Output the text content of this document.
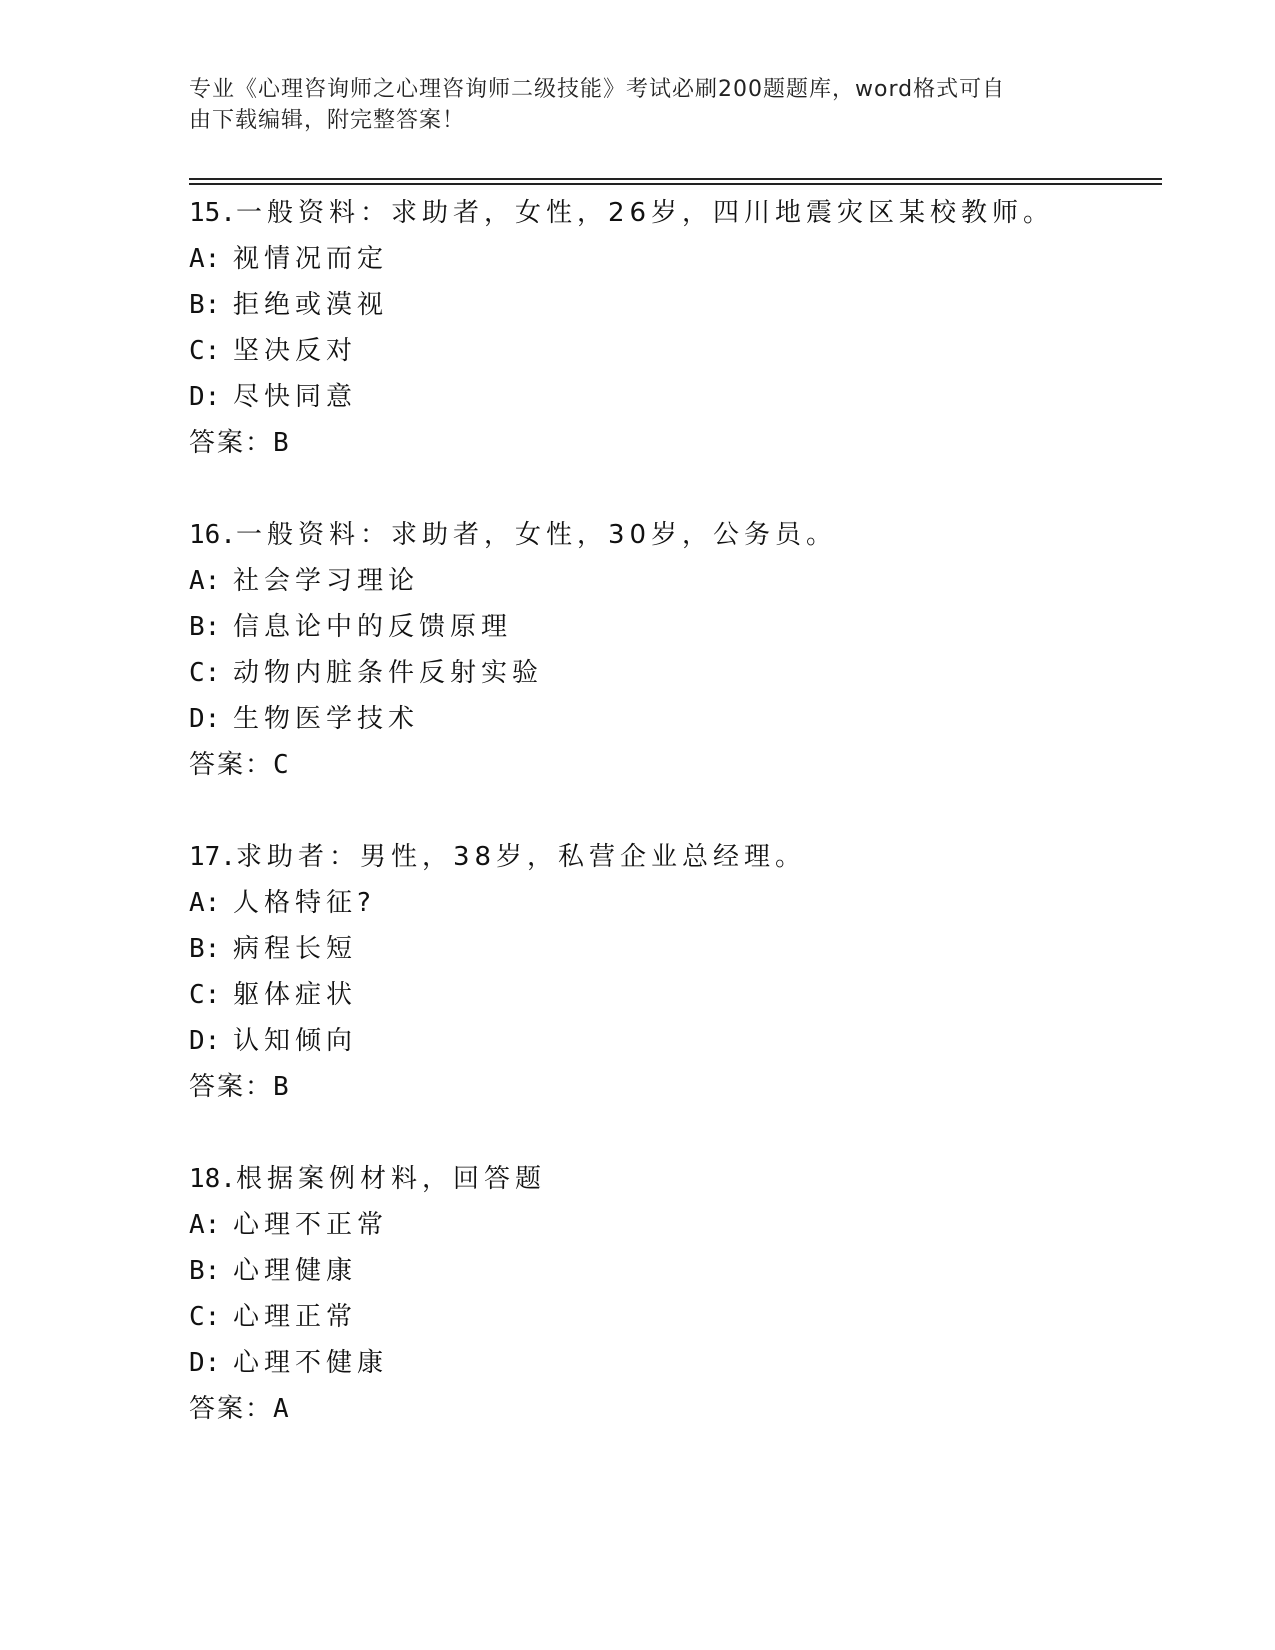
专业《心理咨询师之心理咨询师二级技能》考试必刷200题题库，word格式可自
由下载编辑，附完整答案！
15.一般资料：求助者，女性，26岁，四川地震灾区某校教师。
A: 视情况而定
B: 拒绝或漠视
C: 坚决反对
D: 尽快同意
答案：B
16.一般资料：求助者，女性，30岁，公务员。
A: 社会学习理论
B: 信息论中的反馈原理
C: 动物内脏条件反射实验
D: 生物医学技术
答案：C
17.求助者：男性，38岁，私营企业总经理。
A: 人格特征?
B: 病程长短
C: 躯体症状
D: 认知倾向
答案：B
18.根据案例材料，回答题
A: 心理不正常
B: 心理健康
C: 心理正常
D: 心理不健康
答案：A
